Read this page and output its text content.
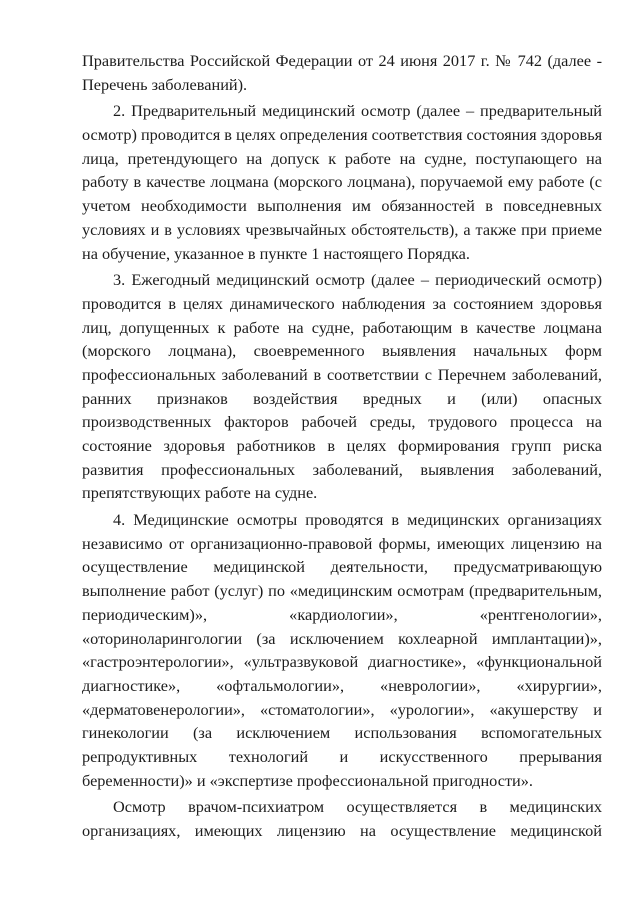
Правительства Российской Федерации от 24 июня 2017 г. № 742 (далее -
Перечень заболеваний).
2. Предварительный медицинский осмотр (далее – предварительный
осмотр) проводится в целях определения соответствия состояния здоровья
лица, претендующего на допуск к работе на судне, поступающего на
работу в качестве лоцмана (морского лоцмана), поручаемой ему работе (с
учетом необходимости выполнения им обязанностей в повседневных
условиях и в условиях чрезвычайных обстоятельств), а также при приеме
на обучение, указанное в пункте 1 настоящего Порядка.
3. Ежегодный медицинский осмотр (далее – периодический осмотр)
проводится в целях динамического наблюдения за состоянием здоровья
лиц, допущенных к работе на судне, работающим в качестве лоцмана
(морского лоцмана), своевременного выявления начальных форм
профессиональных заболеваний в соответствии с Перечнем заболеваний,
ранних признаков воздействия вредных и (или) опасных
производственных факторов рабочей среды, трудового процесса на
состояние здоровья работников в целях формирования групп риска
развития профессиональных заболеваний, выявления заболеваний,
препятствующих работе на судне.
4. Медицинские осмотры проводятся в медицинских организациях
независимо от организационно-правовой формы, имеющих лицензию на
осуществление медицинской деятельности, предусматривающую
выполнение работ (услуг) по «медицинским осмотрам (предварительным,
периодическим)», «кардиологии», «рентгенологии»,
«оториноларингологии (за исключением кохлеарной имплантации)»,
«гастроэнтерологии», «ультразвуковой диагностике», «функциональной
диагностике», «офтальмологии», «неврологии», «хирургии»,
«дерматовенерологии», «стоматологии», «урологии», «акушерству и
гинекологии (за исключением использования вспомогательных
репродуктивных технологий и искусственного прерывания
беременности)» и «экспертизе профессиональной пригодности».
Осмотр врачом-психиатром осуществляется в медицинских
организациях, имеющих лицензию на осуществление медицинской
